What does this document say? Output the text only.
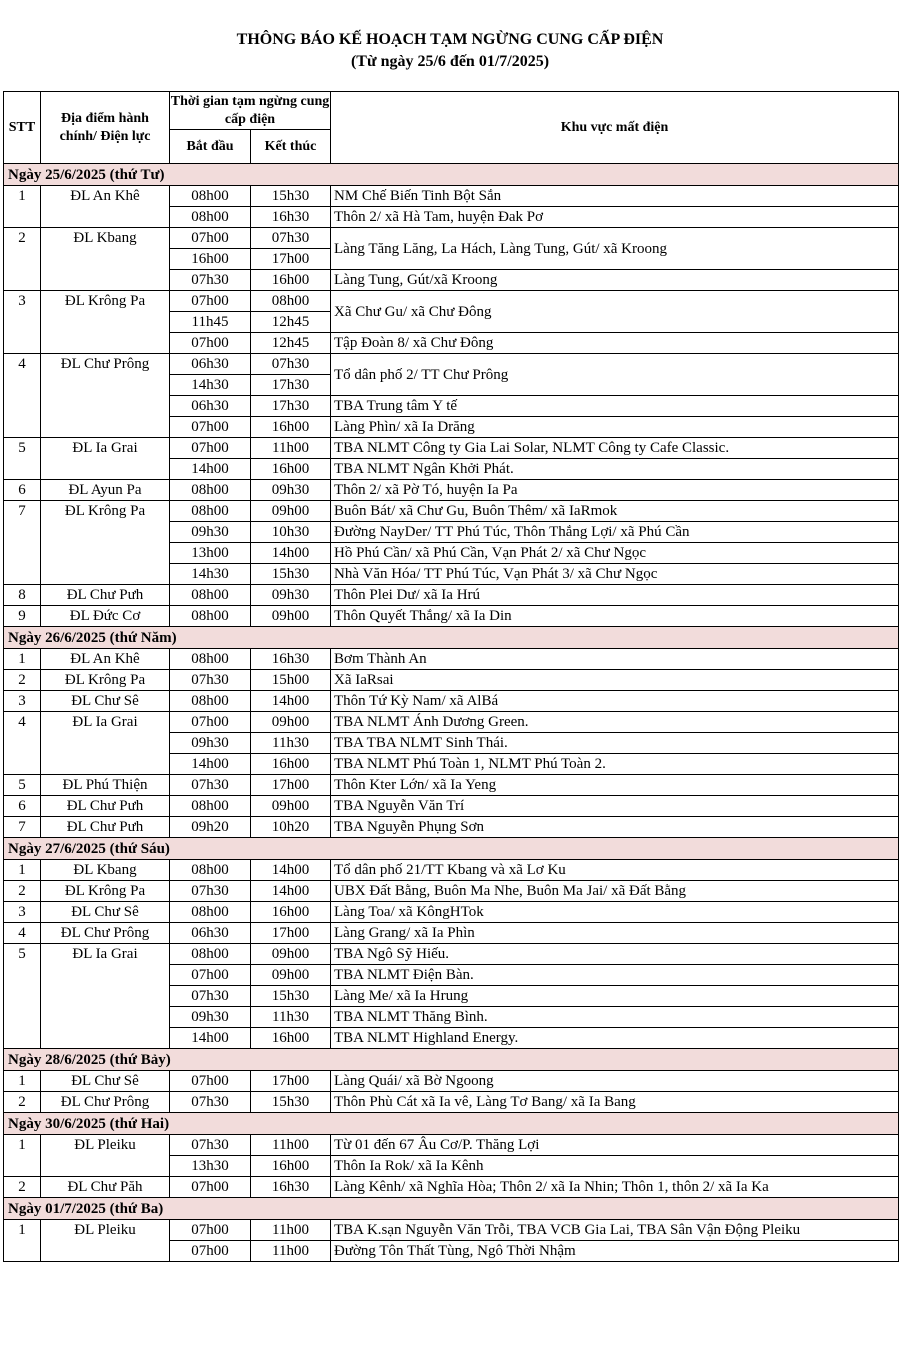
THÔNG BÁO KẾ HOẠCH TẠM NGỪNG CUNG CẤP ĐIỆN
(Từ ngày 25/6 đến 01/7/2025)
STT	Địa điểm hành chính/ Điện lực	Thời gian tạm ngừng cung cấp điện		Khu vực mất điện
		Bắt đầu	Kết thúc	
Ngày 25/6/2025 (thứ Tư)				
1	ĐL An Khê	08h00	15h30	NM Chế Biến Tinh Bột Sắn
		08h00	16h30	Thôn 2/ xã Hà Tam, huyện Đak Pơ
2	ĐL Kbang	07h00	07h30	Làng Tăng Lăng, La Hách, Làng Tung, Gút/ xã Kroong
		16h00	17h00	
		07h30	16h00	Làng Tung, Gút/xã Kroong
3	ĐL Krông Pa	07h00	08h00	Xã Chư Gu/ xã Chư Đông
		11h45	12h45	
		07h00	12h45	Tập Đoàn 8/ xã Chư Đông
4	ĐL Chư Prông	06h30	07h30	Tổ dân phố 2/ TT Chư Prông
		14h30	17h30	
		06h30	17h30	TBA Trung tâm Y tế
		07h00	16h00	Làng Phìn/ xã Ia Drăng
5	ĐL Ia Grai	07h00	11h00	TBA NLMT Công ty Gia Lai Solar, NLMT Công ty Cafe Classic.
		14h00	16h00	TBA NLMT Ngân Khởi Phát.
6	ĐL Ayun Pa	08h00	09h30	Thôn 2/ xã Pờ Tó, huyện Ia Pa
7	ĐL Krông Pa	08h00	09h00	Buôn Bát/ xã Chư Gu, Buôn Thêm/ xã IaRmok
		09h30	10h30	Đường NayDer/ TT Phú Túc, Thôn Thắng Lợi/ xã Phú Cần
		13h00	14h00	Hồ Phú Cần/ xã Phú Cần, Vạn Phát 2/ xã Chư Ngọc
		14h30	15h30	Nhà Văn Hóa/ TT Phú Túc, Vạn Phát 3/ xã Chư Ngọc
8	ĐL Chư Pưh	08h00	09h30	Thôn Plei Dư/ xã Ia Hrú
9	ĐL Đức Cơ	08h00	09h00	Thôn Quyết Thắng/ xã Ia Din
Ngày 26/6/2025 (thứ Năm)				
1	ĐL An Khê	08h00	16h30	Bơm Thành An
2	ĐL Krông Pa	07h30	15h00	Xã IaRsai
3	ĐL Chư Sê	08h00	14h00	Thôn Tứ Kỳ Nam/ xã AlBá
4	ĐL Ia Grai	07h00	09h00	TBA NLMT Ánh Dương Green.
		09h30	11h30	TBA TBA NLMT Sinh Thái.
		14h00	16h00	TBA NLMT Phú Toàn 1, NLMT Phú Toàn 2.
5	ĐL Phú Thiện	07h30	17h00	Thôn Kter Lớn/ xã Ia Yeng
6	ĐL Chư Pưh	08h00	09h00	TBA Nguyễn Văn Trí
7	ĐL Chư Pưh	09h20	10h20	TBA Nguyễn Phụng Sơn
Ngày 27/6/2025 (thứ Sáu)				
1	ĐL Kbang	08h00	14h00	Tổ dân phố 21/TT Kbang và xã Lơ Ku
2	ĐL Krông Pa	07h30	14h00	UBX Đất Bằng, Buôn Ma Nhe, Buôn Ma Jai/ xã Đất Bằng
3	ĐL Chư Sê	08h00	16h00	Làng Toa/ xã KôngHTok
4	ĐL Chư Prông	06h30	17h00	Làng Grang/ xã Ia Phìn
5	ĐL Ia Grai	08h00	09h00	TBA Ngô Sỹ Hiếu.
		07h00	09h00	TBA NLMT Điện Bàn.
		07h30	15h30	Làng Me/ xã Ia Hrung
		09h30	11h30	TBA NLMT Thăng Bình.
		14h00	16h00	TBA NLMT Highland Energy.
Ngày 28/6/2025 (thứ Bảy)				
1	ĐL Chư Sê	07h00	17h00	Làng Quái/ xã Bờ Ngoong
2	ĐL Chư Prông	07h30	15h30	Thôn Phù Cát xã Ia vê, Làng Tơ Bang/ xã Ia Bang
Ngày 30/6/2025 (thứ Hai)				
1	ĐL Pleiku	07h30	11h00	Từ 01 đến 67 Âu Cơ/P. Thăng Lợi
		13h30	16h00	Thôn Ia Rok/ xã Ia Kênh
2	ĐL Chư Păh	07h00	16h30	Làng Kênh/ xã Nghĩa Hòa; Thôn 2/ xã Ia Nhin; Thôn 1, thôn 2/ xã Ia Ka
Ngày 01/7/2025 (thứ Ba)				
1	ĐL Pleiku	07h00	11h00	TBA K.sạn Nguyễn Văn Trỗi, TBA VCB Gia Lai, TBA Sân Vận Động Pleiku
		07h00	11h00	Đường Tôn Thất Tùng, Ngô Thời Nhậm
